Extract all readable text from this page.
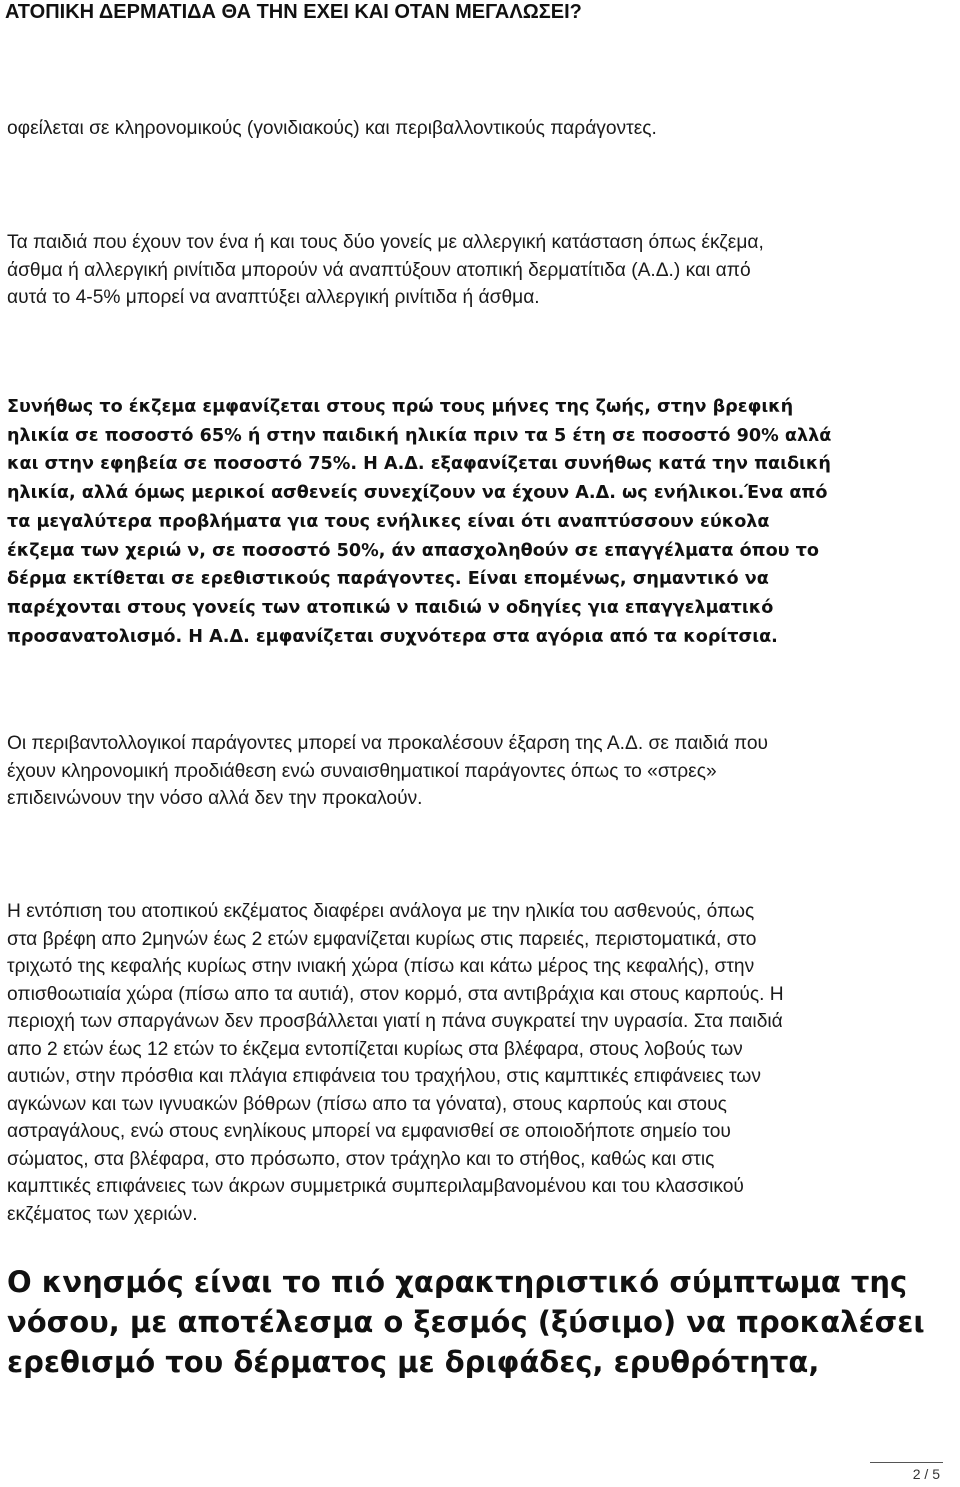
ΑΤΟΠΙΚΗ ΔΕΡΜΑΤΙΔΑ ΘΑ ΤΗΝ ΕΧΕΙ ΚΑΙ ΟΤΑΝ ΜΕΓΑΛΩΣΕΙ?

οφείλεται σε κληρονομικούς (γονιδιακούς) και περιβαλλοντικούς παράγοντες.

Τα παιδιά που έχουν τον ένα ή και τους δύο γονείς με αλλεργική κατάσταση όπως έκζεμα,
άσθμα ή αλλεργική ρινίτιδα μπορούν νά αναπτύξουν ατοπική δερματίτιδα (Α.Δ.) και από
αυτά το 4-5% μπορεί να αναπτύξει αλλεργική ρινίτιδα ή άσθμα.

Συνήθως το έκζεμα εμφανίζεται στους πρώ τους μήνες της ζωής, στην βρεφική
ηλικία σε ποσοστό 65% ή στην παιδική ηλικία πριν τα 5 έτη σε ποσοστό 90% αλλά
και στην εφηβεία σε ποσοστό 75%. Η Α.Δ. εξαφανίζεται συνήθως κατά την παιδική
ηλικία, αλλά όμως μερικοί ασθενείς συνεχίζουν να έχουν Α.Δ. ως ενήλικοι.Ένα από
τα μεγαλύτερα προβλήματα για τους ενήλικες είναι ότι αναπτύσσουν εύκολα
έκζεμα των χεριώ ν, σε ποσοστό 50%, άν απασχοληθούν σε επαγγέλματα όπου το
δέρμα εκτίθεται σε ερεθιστικούς παράγοντες. Είναι επομένως, σημαντικό να
παρέχονται στους γονείς των ατοπικώ ν παιδιώ ν οδηγίες για επαγγελματικό
προσανατολισμό. Η Α.Δ. εμφανίζεται συχνότερα στα αγόρια από τα κορίτσια.

Οι περιβαντολλογικοί παράγοντες μπορεί να προκαλέσουν έξαρση της Α.Δ. σε παιδιά που
έχουν κληρονομική προδιάθεση ενώ συναισθηματικοί παράγοντες όπως το «στρες»
επιδεινώνουν την νόσο αλλά δεν την προκαλούν.

Η εντόπιση του ατοπικού εκζέματος διαφέρει ανάλογα με την ηλικία του ασθενούς, όπως
στα βρέφη απο 2μηνών έως 2 ετών εμφανίζεται κυρίως στις παρειές, περιστοματικά, στο
τριχωτό της κεφαλής κυρίως στην ινιακή χώρα (πίσω και κάτω μέρος της κεφαλής), στην
οπισθοωτιαία χώρα (πίσω απο τα αυτιά), στον κορμό, στα αντιβράχια και στους καρπούς. Η
περιοχή των σπαργάνων δεν προσβάλλεται γιατί η πάνα συγκρατεί την υγρασία. Στα παιδιά
απο 2 ετών έως 12 ετών το έκζεμα εντοπίζεται κυρίως στα βλέφαρα, στους λοβούς των
αυτιών, στην πρόσθια και πλάγια επιφάνεια του τραχήλου, στις καμπτικές επιφάνειες των
αγκώνων και των ιγνυακών βόθρων (πίσω απο τα γόνατα), στους καρπούς και στους
αστραγάλους, ενώ στους ενηλίκους μπορεί να εμφανισθεί σε οποιοδήποτε σημείο του
σώματος, στα βλέφαρα, στο πρόσωπο, στον τράχηλο και το στήθος, καθώς και στις
καμπτικές επιφάνειες των άκρων συμμετρικά συμπεριλαμβανομένου και του κλασσικού
εκζέματος των χεριών.

Ο κνησμός είναι το πιό χαρακτηριστικό σύμπτωμα της
νόσου, με αποτέλεσμα ο ξεσμός (ξύσιμο) να προκαλέσει
ερεθισμό του δέρματος με δριφάδες, ερυθρότητα,
2 / 5
